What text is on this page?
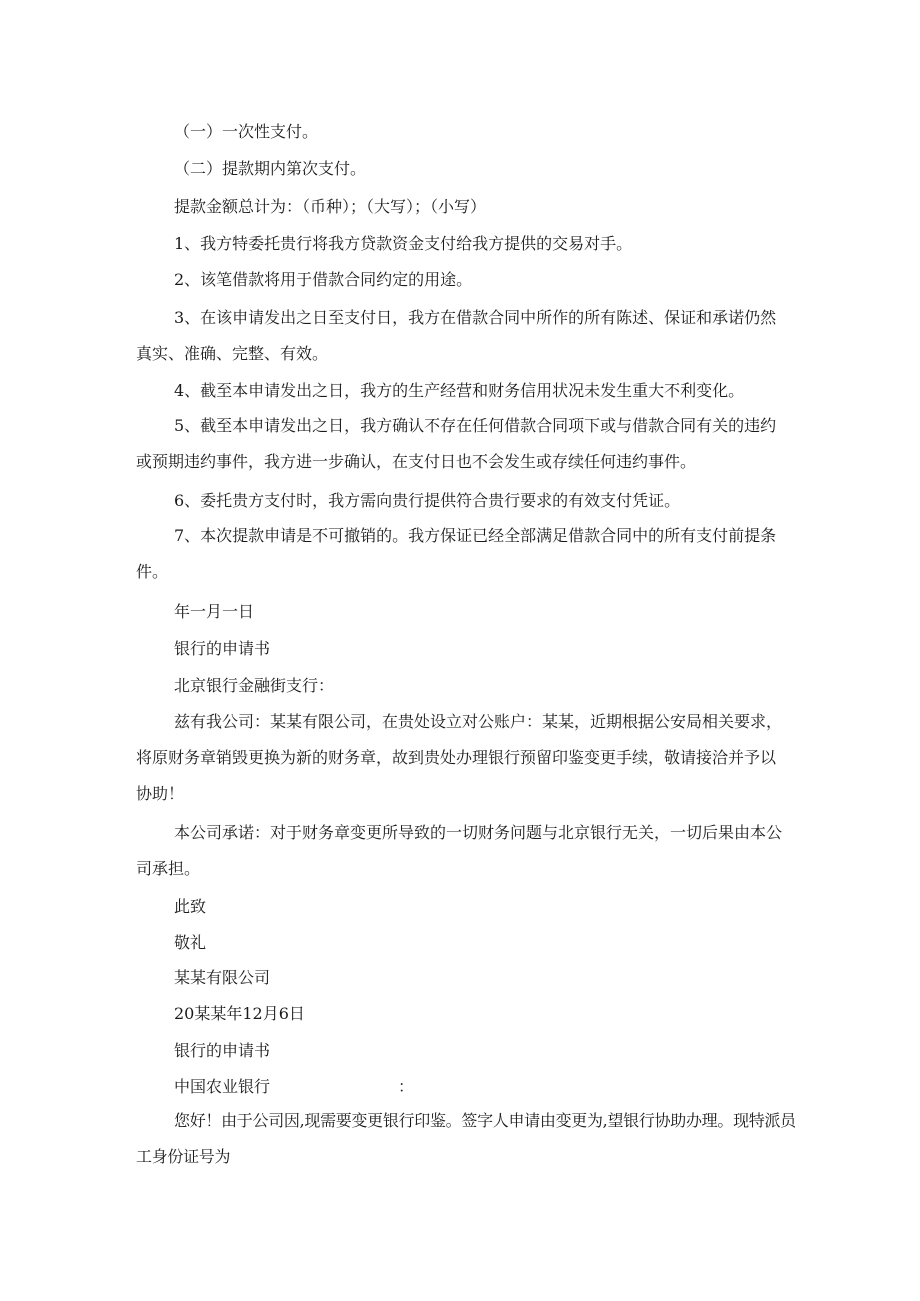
（一）一次性支付。
（二）提款期内第次支付。
提款金额总计为：（币种）；（大写）；（小写）
1、我方特委托贵行将我方贷款资金支付给我方提供的交易对手。
2、该笔借款将用于借款合同约定的用途。
3、在该申请发出之日至支付日，我方在借款合同中所作的所有陈述、保证和承诺仍然真实、准确、完整、有效。
4、截至本申请发出之日，我方的生产经营和财务信用状况未发生重大不利变化。
5、截至本申请发出之日，我方确认不存在任何借款合同项下或与借款合同有关的违约或预期违约事件，我方进一步确认，在支付日也不会发生或存续任何违约事件。
6、委托贵方支付时，我方需向贵行提供符合贵行要求的有效支付凭证。
7、本次提款申请是不可撤销的。我方保证已经全部满足借款合同中的所有支付前提条件。
年一月一日
银行的申请书
北京银行金融街支行：
兹有我公司：某某有限公司，在贵处设立对公账户：某某，近期根据公安局相关要求，将原财务章销毁更换为新的财务章，故到贵处办理银行预留印鉴变更手续，敬请接洽并予以协助！
本公司承诺：对于财务章变更所导致的一切财务问题与北京银行无关，一切后果由本公司承担。
此致
敬礼
某某有限公司
20某某年12月6日
银行的申请书
中国农业银行	：
您好！由于公司因,现需要变更银行印鉴。签字人申请由变更为,望银行协助办理。现特派员工身份证号为
